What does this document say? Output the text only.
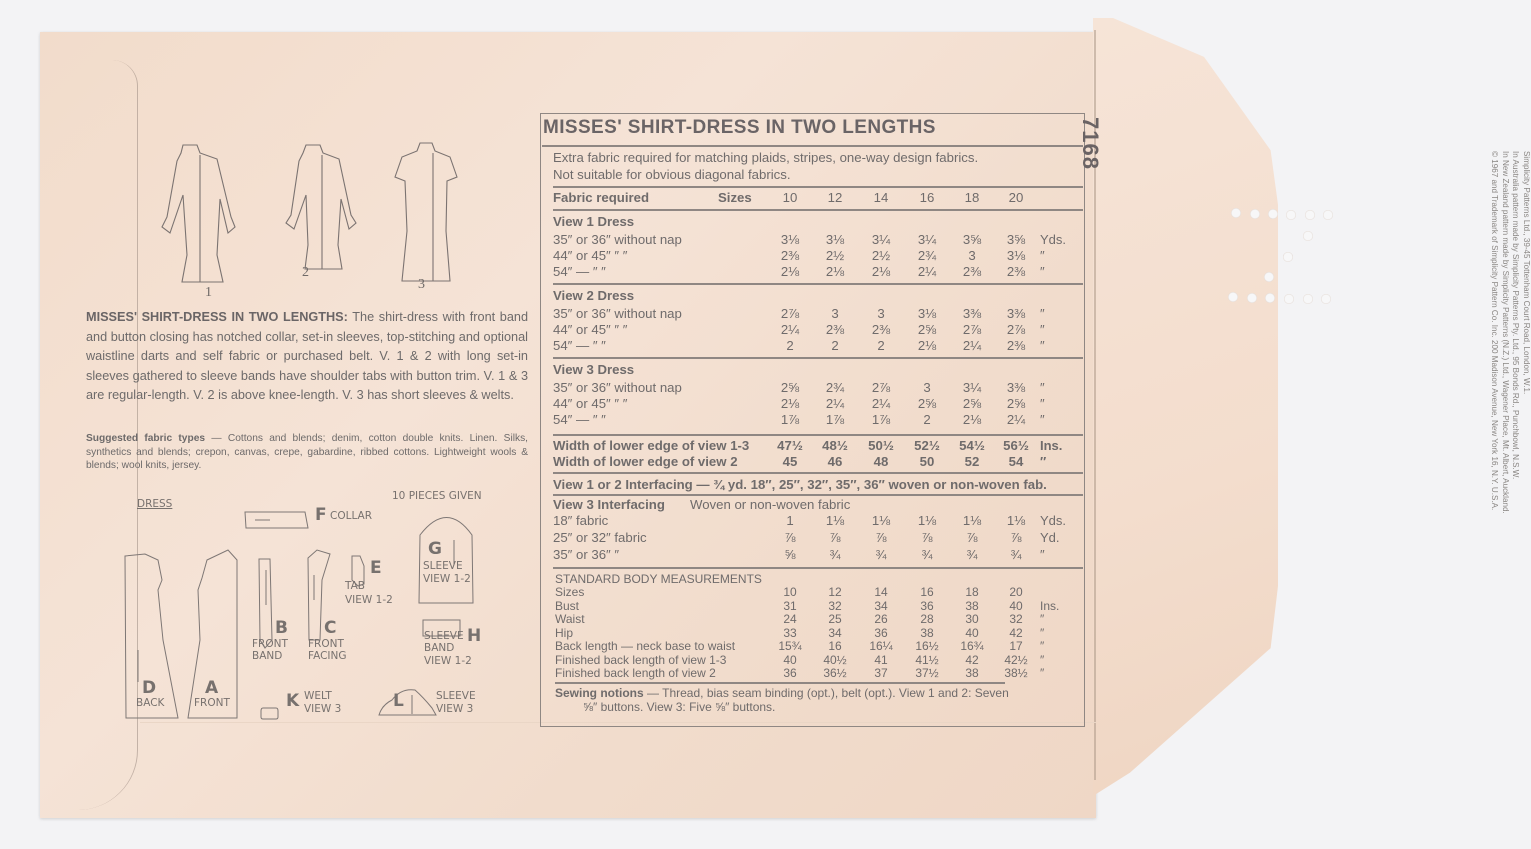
1
2
3
MISSES' SHIRT-DRESS IN TWO LENGTHS: The shirt-dress with front band and button closing has notched collar, set-in sleeves, top-stitching and optional waistline darts and self fabric or purchased belt. V. 1 & 2 with long set-in sleeves gathered to sleeve bands have shoulder tabs with button trim. V. 1 & 3 are regular-length. V. 2 is above knee-length. V. 3 has short sleeves & welts.
Suggested fabric types — Cottons and blends; denim, cotton double knits. Linen. Silks, synthetics and blends; crepon, canvas, crepe, gabardine, ribbed cottons. Lightweight wools & blends; wool knits, jersey.
DRESS
10 PIECES GIVEN
F COLLAR
D
BACK
A
FRONT
B
FRONT BAND
C
FRONT FACING
E
TAB
VIEW 1-2
G
SLEEVE
VIEW 1-2
H
SLEEVE BAND
VIEW 1-2
K WELT
VIEW 3	L	SLEEVE
VIEW 3
MISSES' SHIRT-DRESS IN TWO LENGTHS
Extra fabric required for matching plaids, stripes, one-way design fabrics.
Not suitable for obvious diagonal fabrics.
Fabric required	Sizes	10	12	14	16	18	20
View 1 Dress
35″ or 36″ without nap	3⅛	3⅛	3¼	3¼	3⅝	3⅝	Yds.
44″ or 45″ ″ ″	2⅜	2½	2½	2¾	3	3⅛	″
54″ — ″ ″	2⅛	2⅛	2⅛	2¼	2⅜	2⅜	″
View 2 Dress
35″ or 36″ without nap	2⅞	3	3	3⅛	3⅜	3⅜	″
44″ or 45″ ″ ″	2¼	2⅜	2⅜	2⅝	2⅞	2⅞	″
54″ — ″ ″	2	2	2	2⅛	2¼	2⅜	″
View 3 Dress
35″ or 36″ without nap	2⅝	2¾	2⅞	3	3¼	3⅜	″
44″ or 45″ ″ ″	2⅛	2¼	2¼	2⅝	2⅝	2⅝	″
54″ — ″ ″	1⅞	1⅞	1⅞	2	2⅛	2¼	″
Width of lower edge of view 1-3	47½	48½	50½	52½	54½	56½ Ins.
Width of lower edge of view 2	45	46	48	50	52	54	″
View 1 or 2 Interfacing — ¾ yd. 18″, 25″, 32″, 35″, 36″ woven or non-woven fab.
View 3 Interfacing Woven or non-woven fabric
18″ fabric	1	1⅛	1⅛	1⅛	1⅛	1⅛	Yds.
25″ or 32″ fabric	⅞	⅞	⅞	⅞	⅞	⅞	Yd.
35″ or 36″ ″	⅝	¾	¾	¾	¾	¾	″
STANDARD BODY MEASUREMENTS
Sizes	10	12	14	16	18	20
Bust	31	32	34	36	38	40	Ins.
Waist	24	25	26	28	30	32	″
Hip	33	34	36	38	40	42	″
Back length — neck base to waist	15¾	16	16¼	16½	16¾	17	″
Finished back length of view 1-3	40	40½	41	41½	42	42½	″
Finished back length of view 2	36	36½	37	37½	38	38½	″
Sewing notions — Thread, bias seam binding (opt.), belt (opt.). View 1 and 2: Seven
⅝″ buttons. View 3: Five ⅝″ buttons.
7168
Simplicity Patterns Ltd., 39-45 Tottenham Court Road, London, W.1.
In Australia pattern made by Simplicity Patterns Pty. Ltd., 95 Bonds Rd., Punchbowl, N.S.W.
In New Zealand pattern made by Simplicity Patterns (N.Z.) Ltd., Wagener Place, Mt. Albert, Auckland.
© 1967 and Trademark of Simplicity Pattern Co. Inc. 200 Madison Avenue, New York 16, N.Y. U.S.A.
